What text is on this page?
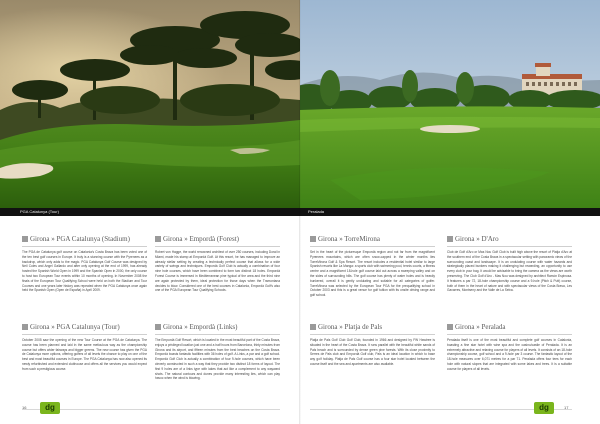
PGA Catalunya (Tour)
Girona » PGA Catalunya (Stadium)
The PGA de Catalunya golf course on Catalonia's Costa Brava has been voted one of the ten best golf courses in Europe. It truly is a stunning course with the Pyrenees as a backdrop, which only adds to the magic. PGA Catalunya Golf Course was designed by Neil Coles and Angel Gallardo and after only opening at the end of 1999, has already hosted the Spanish World Open in 1999 and the Spanish Open in 2000, the only course to host two European Tour events within 10 months of opening. In November 2008 the finals of the European Tour Qualifying School were held on both the Stadium and Tour Courses and one years later history was repeated when the PGA Catalunya once again held the Spanish Open (Open de España) in April 2009.
Girona » PGA Catalunya (Tour)
October 2005 saw the opening of the new Tour Course at the PGA de Catalunya. The course has been planned and laid in the same meticulous way as the championship course but offers wider fairways and bigger greens. The new course has given the PGA de Catalunya more options, offering golfers of all levels the chance to play on one of the best and most beautiful courses in Europe. The PGA Catalunya has now also opened its newly refurbished and extended clubhouse and offers all the services you would expect from such a prestigious course.
Girona » Empordà (Forest)
Robert von Hagge, the world renowned architect of over 250 courses, including Doral in Miami, made his stamp at Empordà Golf. At this resort, he has managed to improve an already stellar setting by creating a technically perfect course that allows for a wide variety of swings and techniques. Empordà Golf Club is actually a combination of four nine hole courses, which have been combined to form two distinct 18 holes. Empordà Forest Course is immersed in Mediterranean pine typical of the area and the third nine are again protected by them, ideal protection for those days when the Tramontana decides to blow. Considered one of the best courses in Catalonia, Empordà Golf's also one of the PGA European Tour Qualifying Schools.
Girona » Empordà (Links)
The Empordà Golf Resort, which is located in the most beautiful part of the Costa Brava, enjoys a privileged location just one and a half hours from Barcelona, thirty minutes from Girona and its airport, and fifteen minutes from the best beaches on the Costa Brava. Empordà boasts fantastic facilities with 36 holes of golf. A Links, a par and a golf school. Empordà Golf Club is actually a combination of four 9-hole courses, which have been cleverly constructed in such a way that they provide two distinct 18 forms of layout. The first 9 holes are of a links type with lakes that act like a complement to any wayward shots. The natural contours and dunes provide many interesting lies, which can play havoc when the wind is blowing.
16	dg
Peralada
Girona » TorreMirona
Set in the heart of the picturesque Empordà region and not far from the magnificent Pyrenees mountains, which are often snow-capped in the winter months lies TorreMirona Golf & Spa Resort. The resort includes a residential hotel similar to large Spanish resorts like La Manga: a sports club with swimming pool, tennis courts, a fitness centre and a magnificent 18-hole golf course laid out across a sweeping valley and on the sides of surrounding hills. The golf course has plenty of water holes and is heavily bunkered, overall it is gently undulating and suitable for all categories of golfer. TorreMirona was selected by the European Tour PGA for the prequalifying school in October 2003 and this is a great venue for golf tuition with its onsite driving range and golf school.
Girona » Platja de Pals
Platja de Pals Golf Club Golf Club, founded in 1966 and designed by FW Hawtree is situated in the heart of the Costa Brava. It runs parallel with the beautiful white sands of Pals beach and is surrounded by dense green pine forests. With its close proximity to Serres de Pals club and Empordà Golf club, Pals is an ideal location in which to base any golf holiday. Platja de Pals Golf course has a four star hotel located between the course itself and the sea and apartments are also available.
Girona » D'Aro
Club de Golf d'Aro or Mas Nou Golf Club is built high above the resort of Platja d'Aro at the southern end of the Costa Brava in a spectacular setting with panoramic views of the surrounding coast and landscape. It is an undulating course with water hazards and strategically placed bunkers making it challenging but rewarding, an opportunity to use every club in your bag. It would be advisable to bring the camera as the views are worth preserving. The Club Golf d'Aro - Mas Nou was designed by architect Ramón Espinosa. It features a par 72, 18-hole championship course and a 9-hole (Pitch & Putt) course, both of them in the heart of nature and with spectacular views of the Costa Brava, Les Gavarres, Montseny and the Valle de La Selva.
Girona » Peralada
Peralada itself is one of the most beautiful and complete golf courses in Catalonia, boasting a fine star hotel with wine spa and the casino/castle of Peralada. It is an extremely attractive and relaxing course for players of all levels. It consists of an 18-hole championship course, golf school and a 9-hole par 3 course. The fantastic layout of the 18-hole measures over 6,071 metres for a par 71. Peralada offers four tees for each hole with natural slopes that are integrated with some lakes and trees. It is a suitable course for players of all levels.
dg	17
